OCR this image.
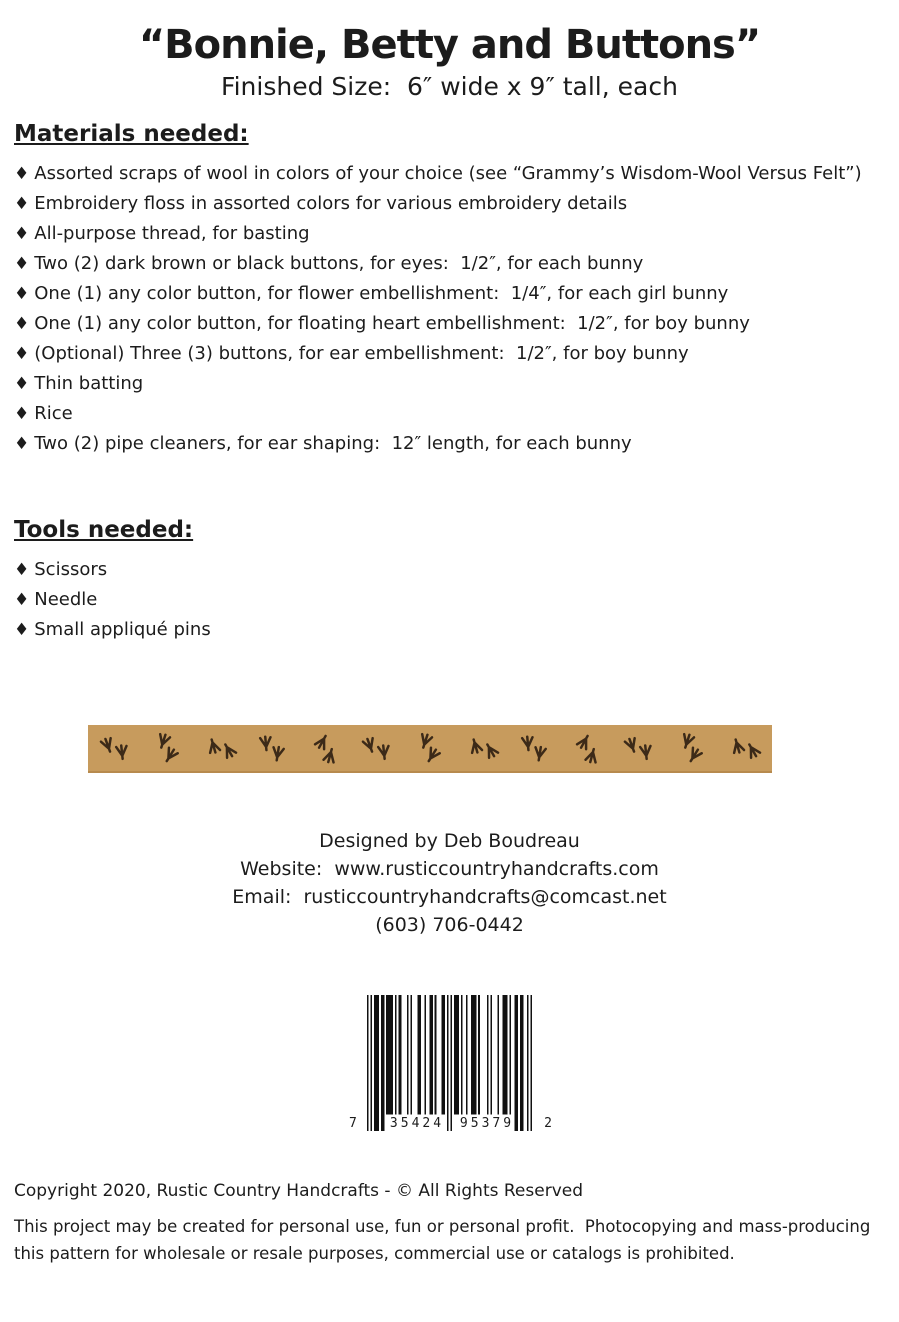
“Bonnie, Betty and Buttons”
Finished Size:  6″ wide x 9″ tall, each
Materials needed:
♦ Assorted scraps of wool in colors of your choice (see “Grammy’s Wisdom-Wool Versus Felt”)
♦ Embroidery floss in assorted colors for various embroidery details
♦ All-purpose thread, for basting
♦ Two (2) dark brown or black buttons, for eyes:  1/2″, for each bunny
♦ One (1) any color button, for flower embellishment:  1/4″, for each girl bunny
♦ One (1) any color button, for floating heart embellishment:  1/2″, for boy bunny
♦ (Optional) Three (3) buttons, for ear embellishment:  1/2″, for boy bunny
♦ Thin batting
♦ Rice
♦ Two (2) pipe cleaners, for ear shaping:  12″ length, for each bunny
Tools needed:
♦ Scissors
♦ Needle
♦ Small appliqué pins
Designed by Deb Boudreau
Website:  www.rusticcountryhandcrafts.com
Email:  rusticcountryhandcrafts@comcast.net
(603) 706-0442
7	35424 95379 2
Copyright 2020, Rustic Country Handcrafts - © All Rights Reserved
This project may be created for personal use, fun or personal profit.  Photocopying and mass-producing this pattern for wholesale or resale purposes, commercial use or catalogs is prohibited.
